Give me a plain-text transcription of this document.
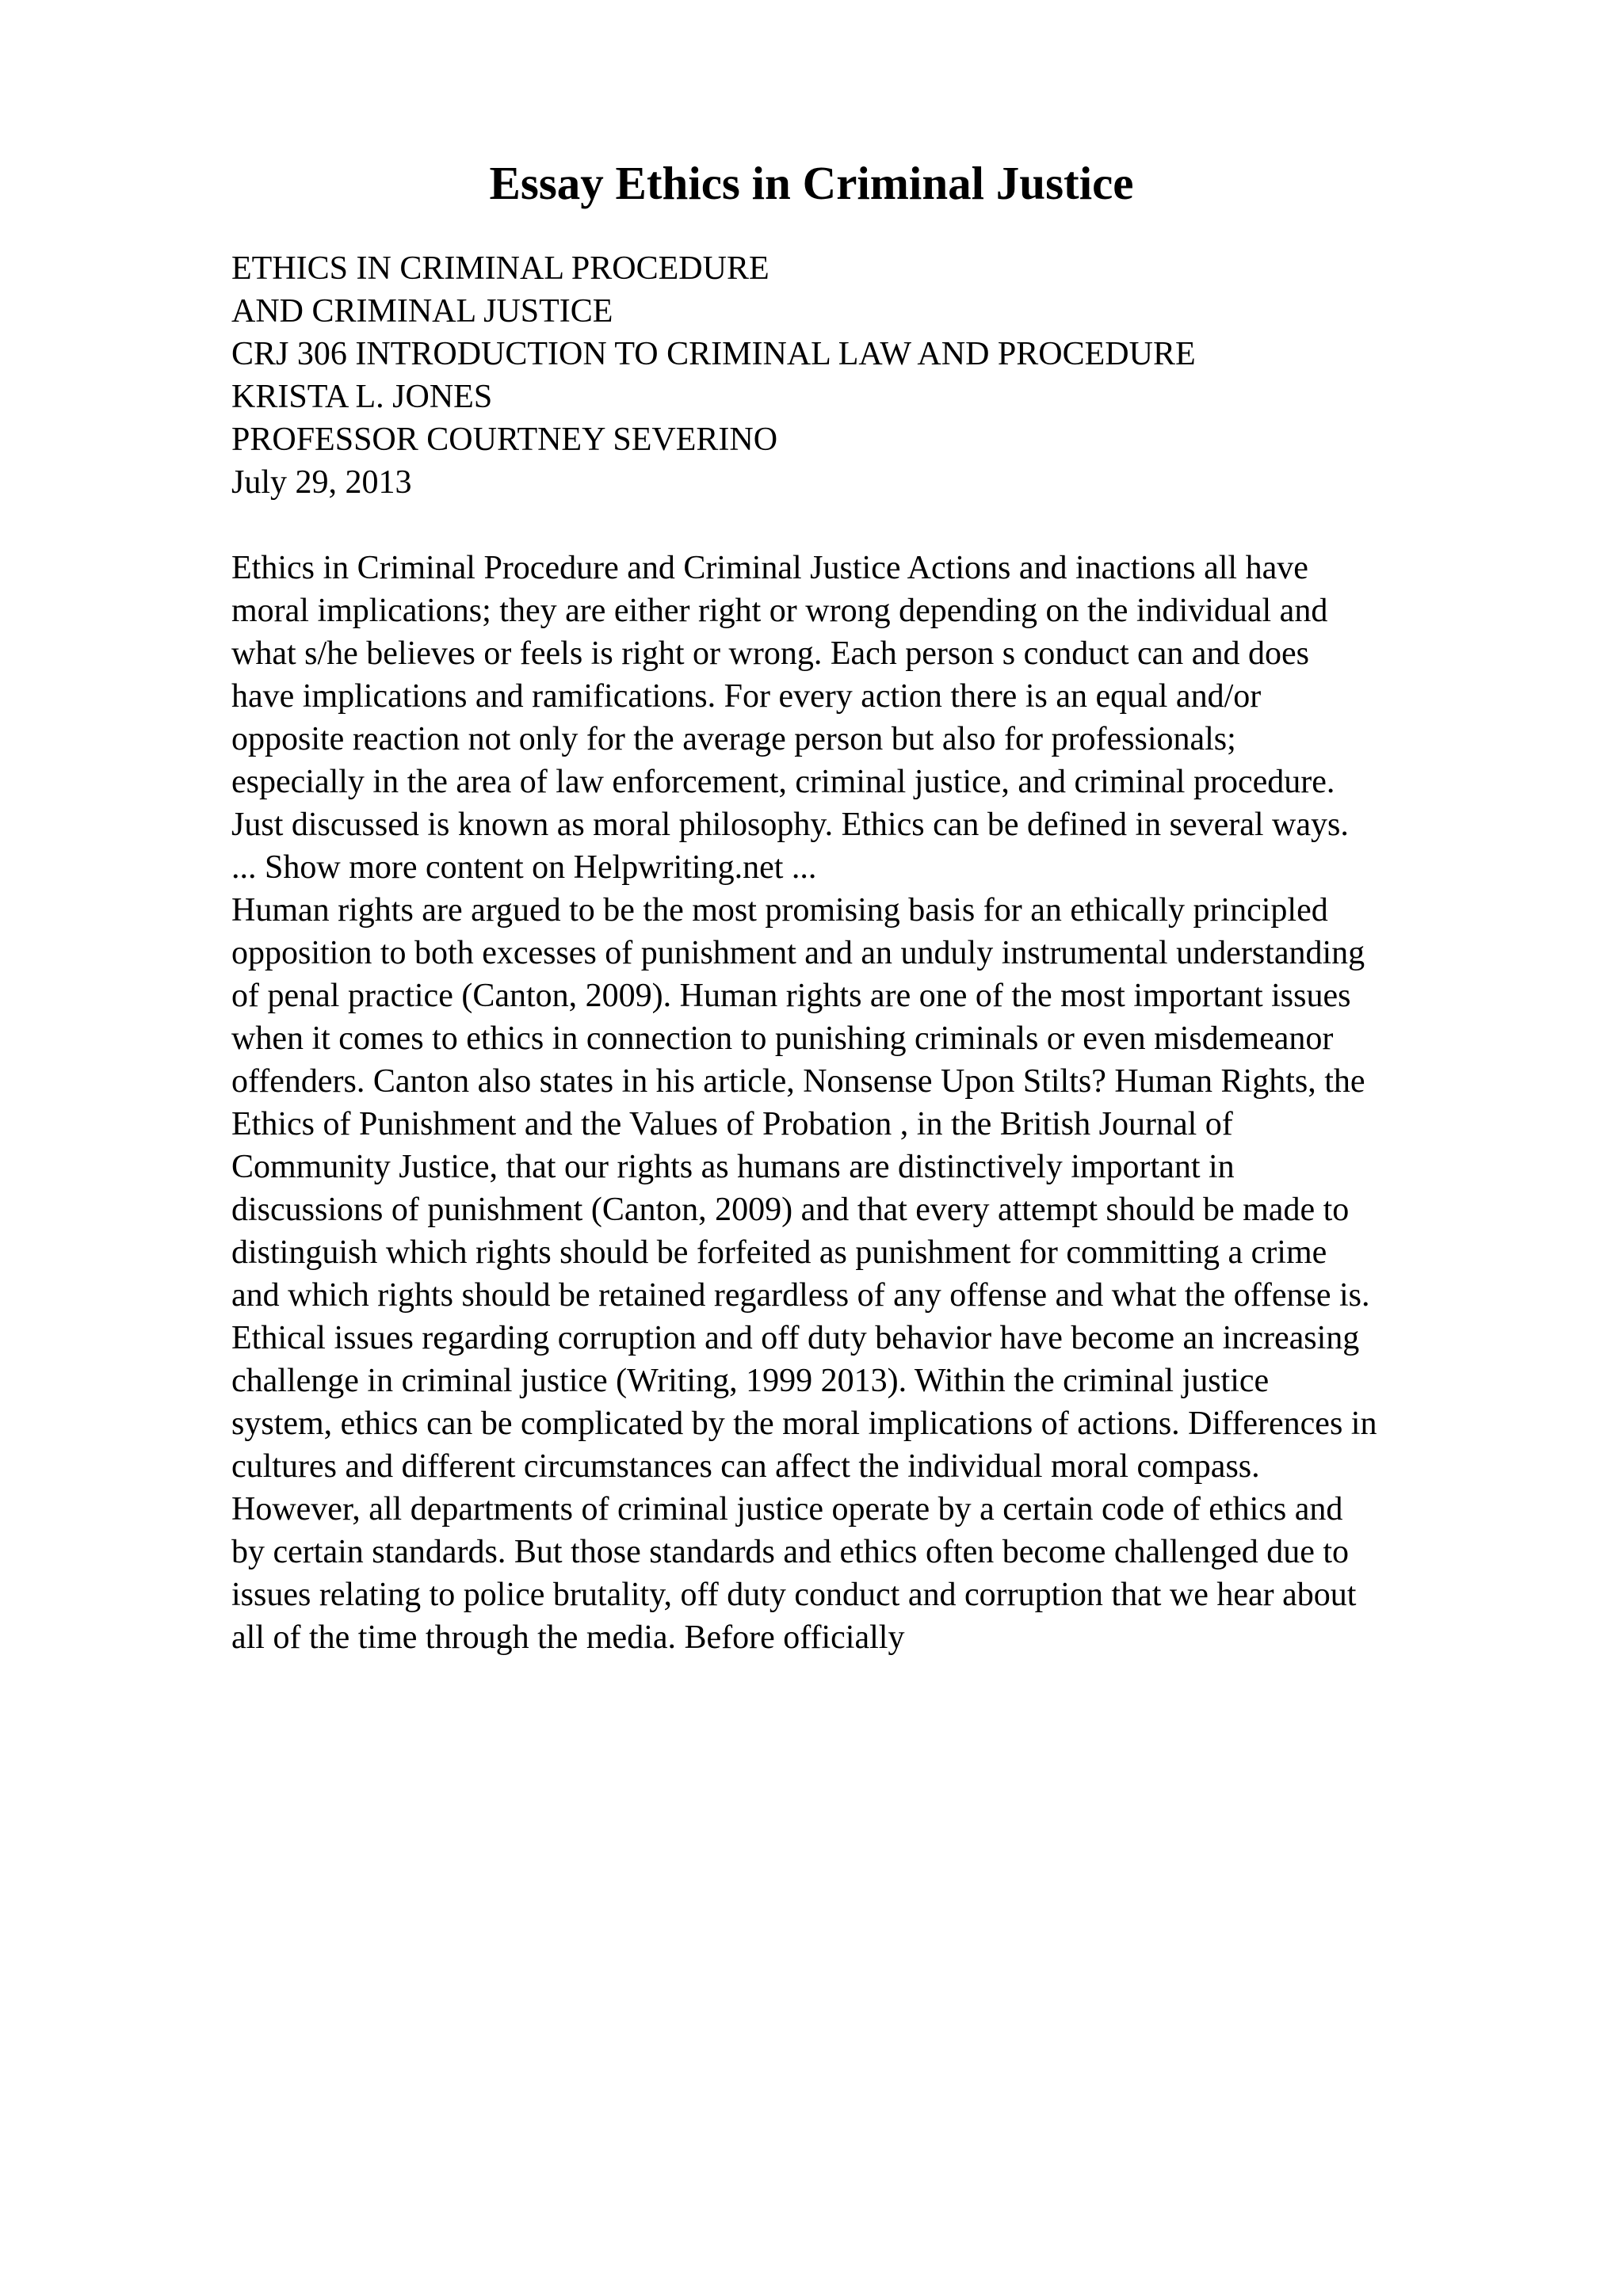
Essay Ethics in Criminal Justice
ETHICS IN CRIMINAL PROCEDURE
AND CRIMINAL JUSTICE
CRJ 306 INTRODUCTION TO CRIMINAL LAW AND PROCEDURE
KRISTA L. JONES
PROFESSOR COURTNEY SEVERINO
July 29, 2013
Ethics in Criminal Procedure and Criminal Justice Actions and inactions all have
moral implications; they are either right or wrong depending on the individual and
what s/he believes or feels is right or wrong. Each person s conduct can and does
have implications and ramifications. For every action there is an equal and/or
opposite reaction not only for the average person but also for professionals;
especially in the area of law enforcement, criminal justice, and criminal procedure.
Just discussed is known as moral philosophy. Ethics can be defined in several ways.
... Show more content on Helpwriting.net ...
Human rights are argued to be the most promising basis for an ethically principled
opposition to both excesses of punishment and an unduly instrumental understanding
of penal practice (Canton, 2009). Human rights are one of the most important issues
when it comes to ethics in connection to punishing criminals or even misdemeanor
offenders. Canton also states in his article, Nonsense Upon Stilts? Human Rights, the
Ethics of Punishment and the Values of Probation , in the British Journal of
Community Justice, that our rights as humans are distinctively important in
discussions of punishment (Canton, 2009) and that every attempt should be made to
distinguish which rights should be forfeited as punishment for committing a crime
and which rights should be retained regardless of any offense and what the offense is.
Ethical issues regarding corruption and off duty behavior have become an increasing
challenge in criminal justice (Writing, 1999 2013). Within the criminal justice
system, ethics can be complicated by the moral implications of actions. Differences in
cultures and different circumstances can affect the individual moral compass.
However, all departments of criminal justice operate by a certain code of ethics and
by certain standards. But those standards and ethics often become challenged due to
issues relating to police brutality, off duty conduct and corruption that we hear about
all of the time through the media. Before officially
